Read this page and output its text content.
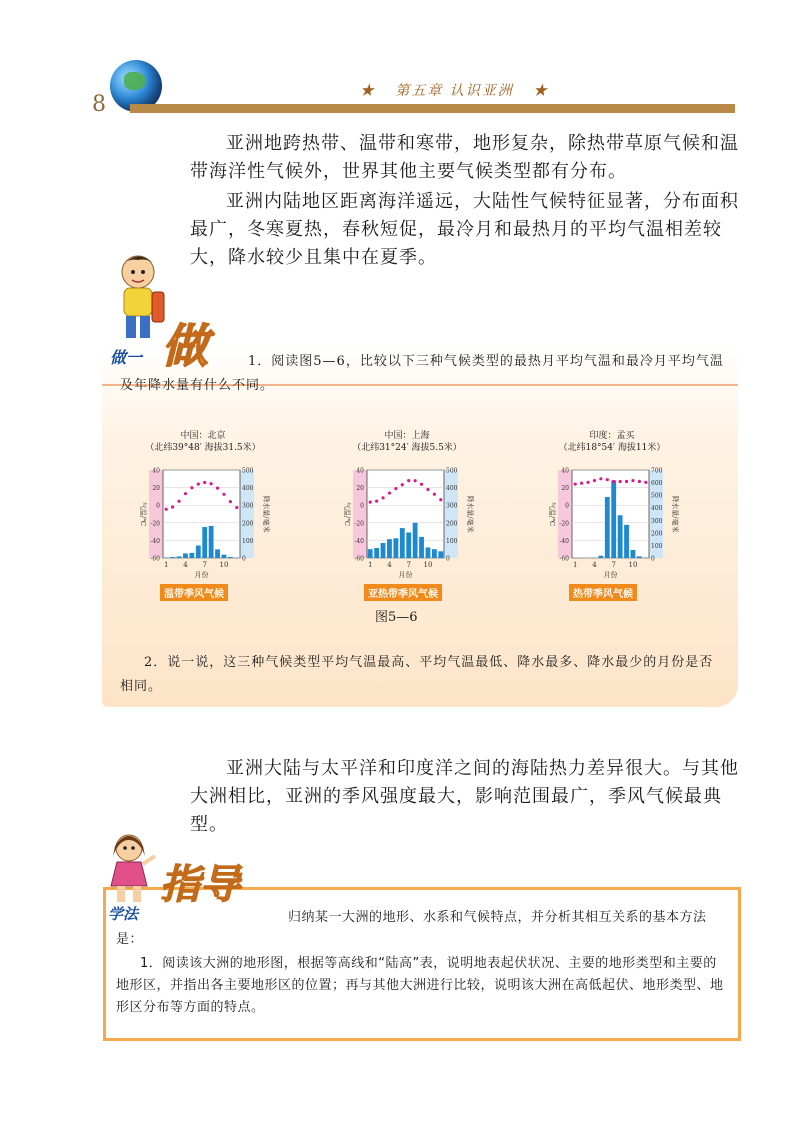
8
★ 第五章 认识亚洲 ★
亚洲地跨热带、温带和寒带，地形复杂，除热带草原气候和温带海洋性气候外，世界其他主要气候类型都有分布。
亚洲内陆地区距离海洋遥远，大陆性气候特征显著，分布面积最广，冬寒夏热，春秋短促，最冷月和最热月的平均气温相差较大，降水较少且集中在夏季。
做一 做	1．阅读图5—6，比较以下三种气候类型的最热月平均气温和最冷月平均气温及年降水量有什么不同。
中国：北京
（北纬39°48′ 海拔31.5米）
40
20
0
-20
-40
-60
500
400
300
200
100
0
气温/℃	降水量/毫米
1 4 7 10
月份
温带季风气候
中国：上海
（北纬31°24′ 海拔5.5米）
40
20
0
-20
-40
-60
500
400
300
200
100
0
气温/℃	降水量/毫米
1 4 7 10
月份
亚热带季风气候
印度：孟买
（北纬18°54′ 海拔11米）
40
20
0
-20
-40
-60
700
600
500
400
300
200
100
0
气温/℃	降水量/毫米
1 4 7 10
月份
热带季风气候
图5—6
2．说一说，这三种气候类型平均气温最高、平均气温最低、降水最多、降水最少的月份是否相同。
亚洲大陆与太平洋和印度洋之间的海陆热力差异很大。与其他大洲相比，亚洲的季风强度最大，影响范围最广，季风气候最典型。
学法
指导
归纳某一大洲的地形、水系和气候特点，并分析其相互关系的基本方法是：
1．阅读该大洲的地形图，根据等高线和“陆高”表，说明地表起伏状况、主要的地形类型和主要的地形区，并指出各主要地形区的位置；再与其他大洲进行比较，说明该大洲在高低起伏、地形类型、地形区分布等方面的特点。
